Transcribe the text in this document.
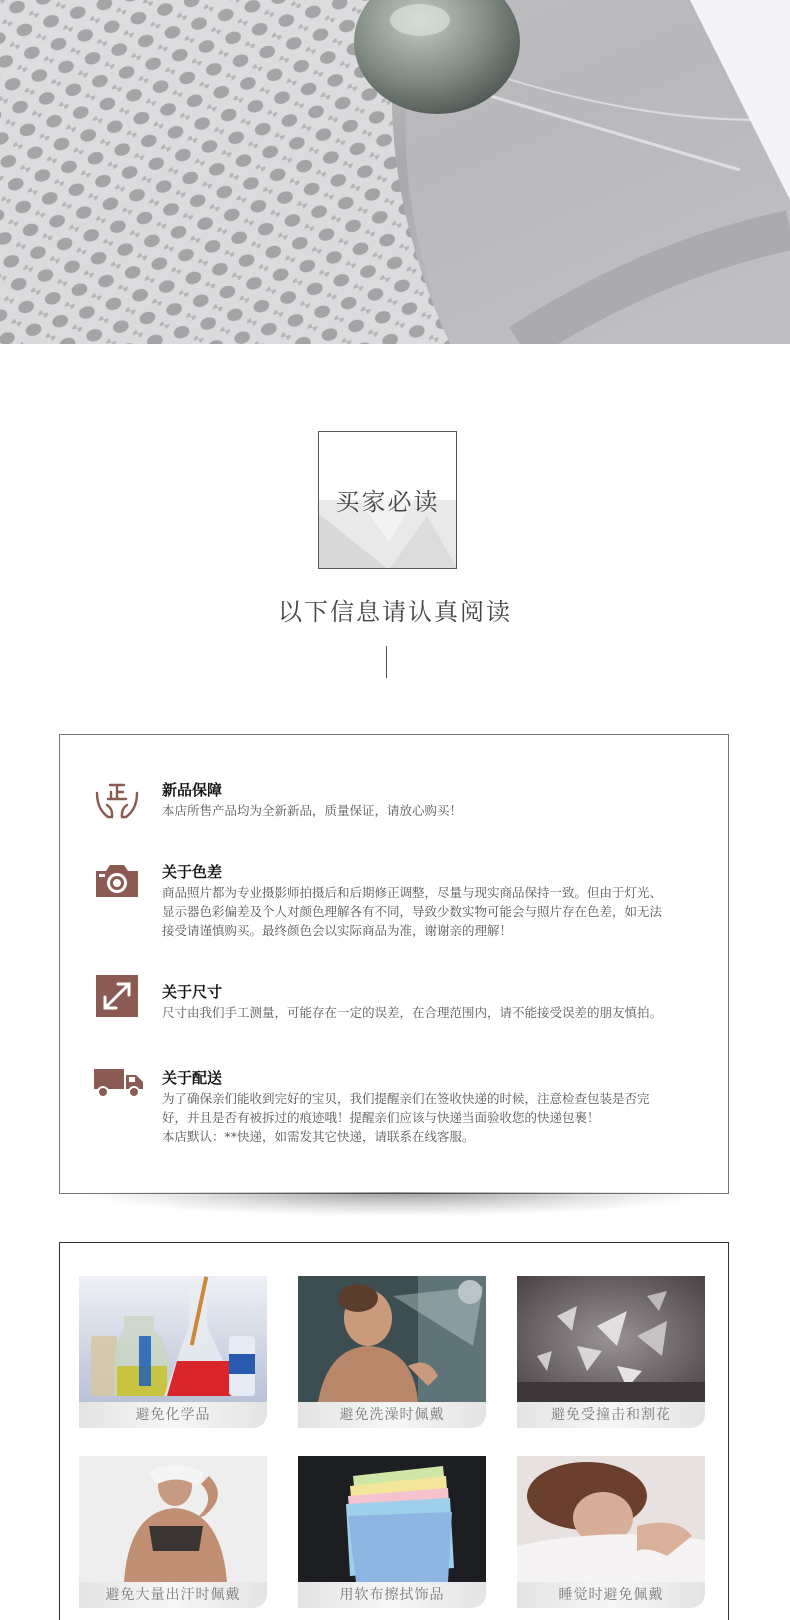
买家必读
以下信息请认真阅读
新品保障

本店所售产品均为全新新品，质量保证，请放心购买！

关于色差

商品照片都为专业摄影师拍摄后和后期修正调整，尽量与现实商品保持一致。但由于灯光、

显示器色彩偏差及个人对颜色理解各有不同，导致少数实物可能会与照片存在色差，如无法

接受请谨慎购买。最终颜色会以实际商品为准，谢谢亲的理解！

关于尺寸

尺寸由我们手工测量，可能存在一定的误差，在合理范围内，请不能接受误差的朋友慎拍。

关于配送

为了确保亲们能收到完好的宝贝，我们提醒亲们在签收快递的时候，注意检查包装是否完

好，并且是否有被拆过的痕迹哦！提醒亲们应该与快递当面验收您的快递包裹！

本店默认：**快递，如需发其它快递，请联系在线客服。

避免化学品	避免洗澡时佩戴	避免受撞击和割花
避免大量出汗时佩戴	用软布擦拭饰品	睡觉时避免佩戴
